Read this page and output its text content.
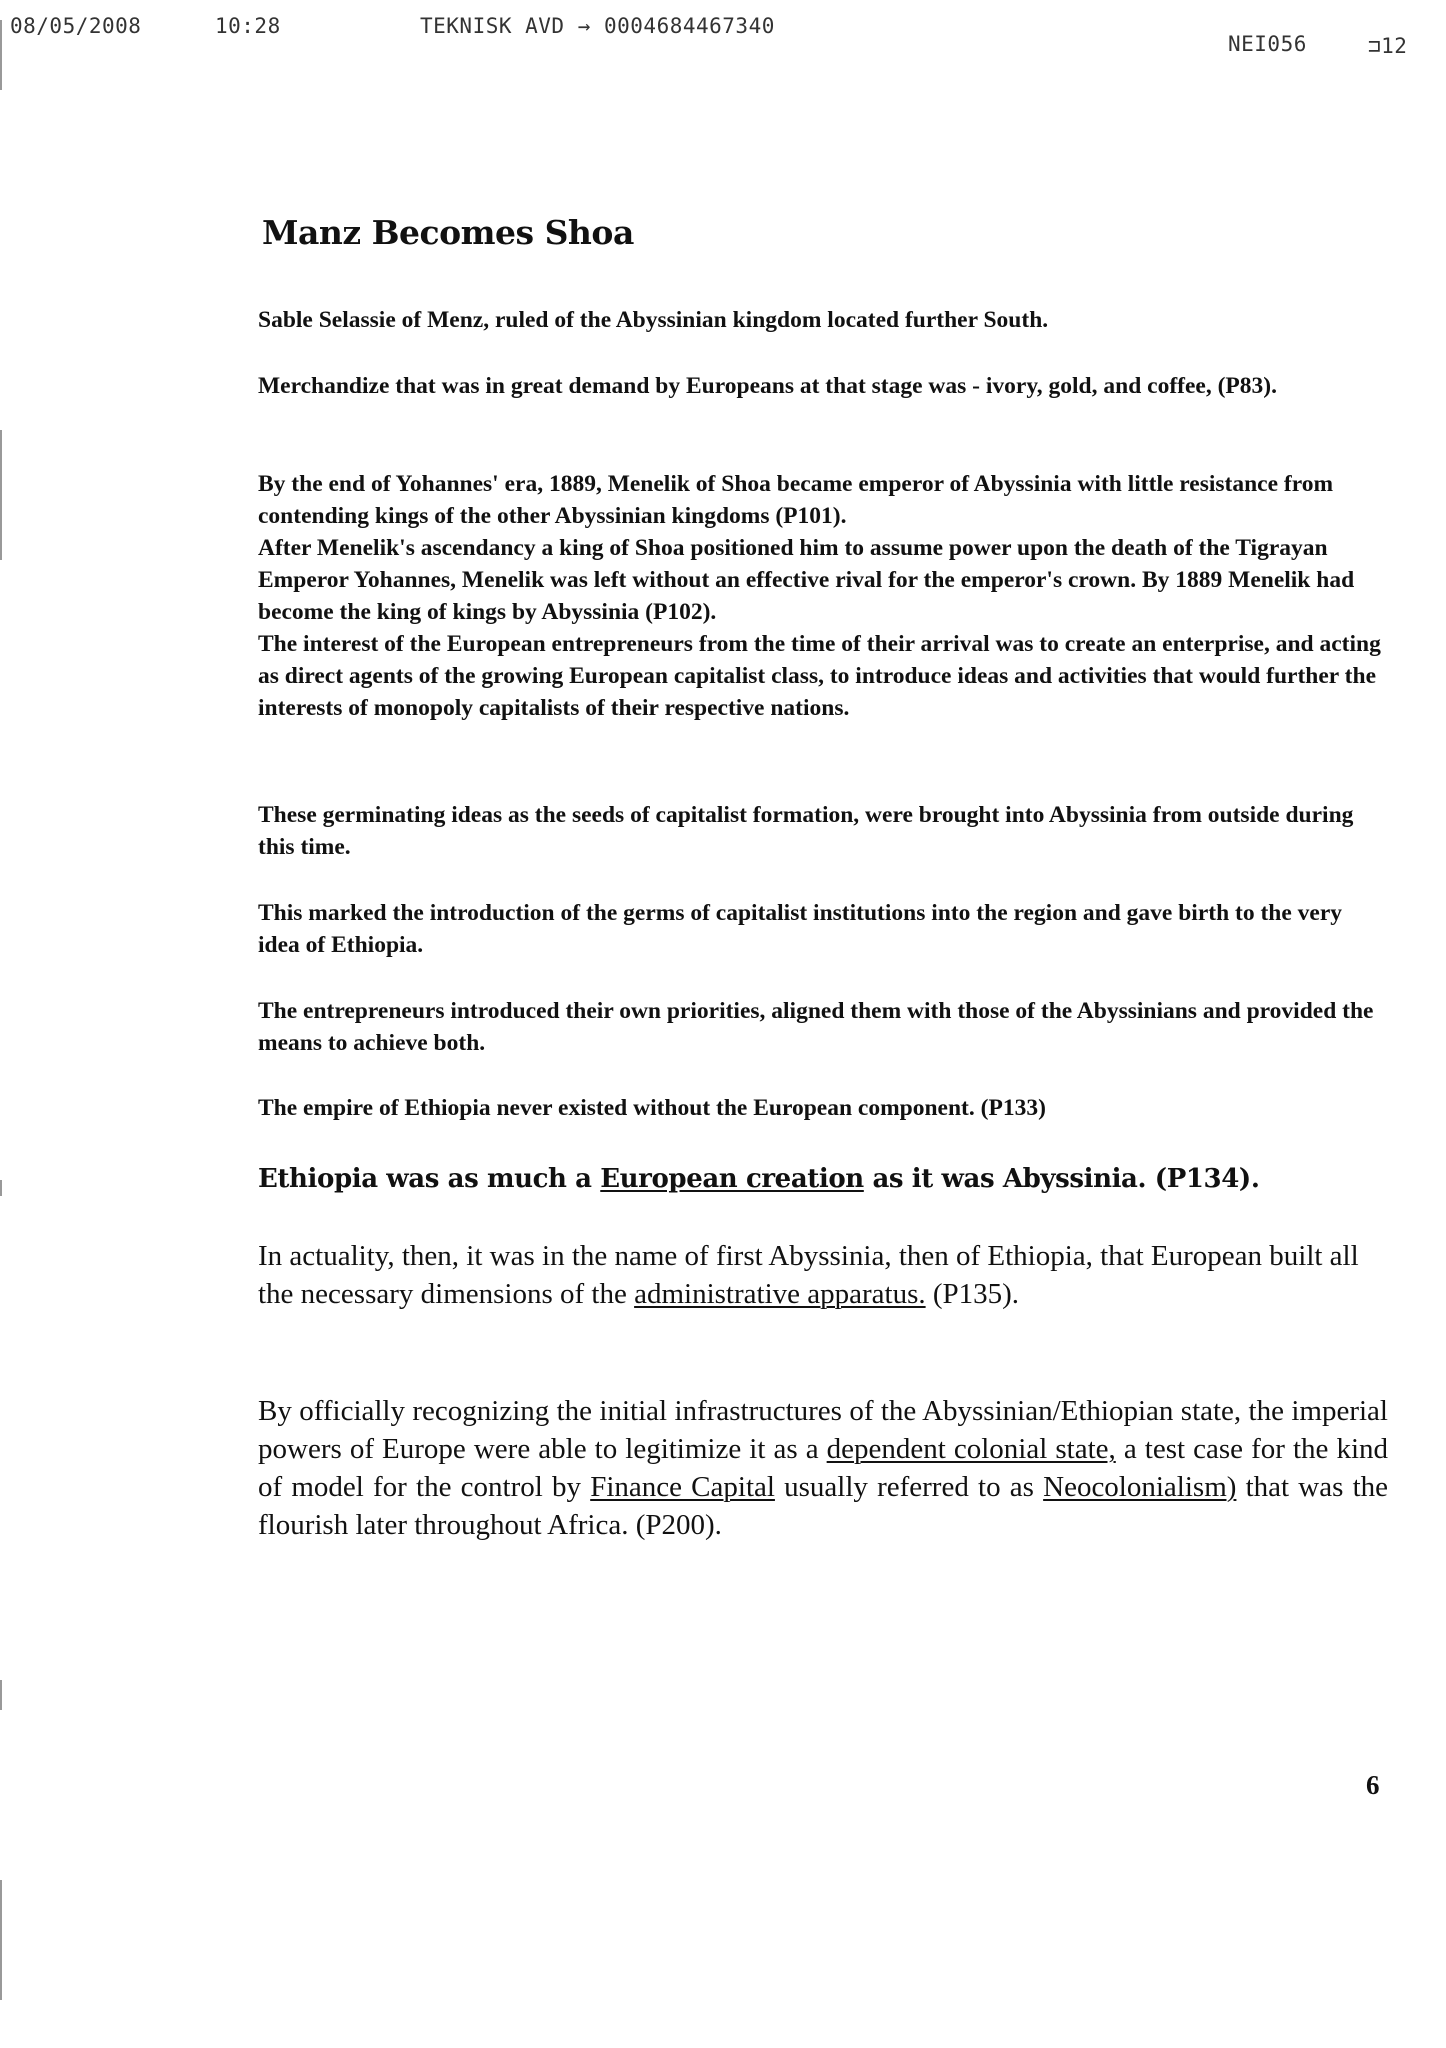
08/05/2008	10:28	TEKNISK AVD → 0004684467340
NEI056	⊐12
Manz Becomes Shoa

Sable Selassie of Menz, ruled of the Abyssinian kingdom located further South.

Merchandize that was in great demand by Europeans at that stage was - ivory, gold, and coffee, (P83).

By the end of Yohannes' era, 1889, Menelik of Shoa became emperor of Abyssinia with little resistance from contending kings of the other Abyssinian kingdoms (P101).

After Menelik's ascendancy a king of Shoa positioned him to assume power upon the death of the Tigrayan Emperor Yohannes, Menelik was left without an effective rival for the emperor's crown. By 1889 Menelik had become the king of kings by Abyssinia (P102).

The interest of the European entrepreneurs from the time of their arrival was to create an enterprise, and acting as direct agents of the growing European capitalist class, to introduce ideas and activities that would further the interests of monopoly capitalists of their respective nations.

These germinating ideas as the seeds of capitalist formation, were brought into Abyssinia from outside during this time.

This marked the introduction of the germs of capitalist institutions into the region and gave birth to the very idea of Ethiopia.

The entrepreneurs introduced their own priorities, aligned them with those of the Abyssinians and provided the means to achieve both.

The empire of Ethiopia never existed without the European component. (P133)

Ethiopia was as much a European creation as it was Abyssinia. (P134).

In actuality, then, it was in the name of first Abyssinia, then of Ethiopia, that European built all the necessary dimensions of the administrative apparatus. (P135).

By officially recognizing the initial infrastructures of the Abyssinian/Ethiopian state, the imperial powers of Europe were able to legitimize it as a dependent colonial state, a test case for the kind of model for the control by Finance Capital usually referred to as Neocolonialism) that was the flourish later throughout Africa. (P200).

6
